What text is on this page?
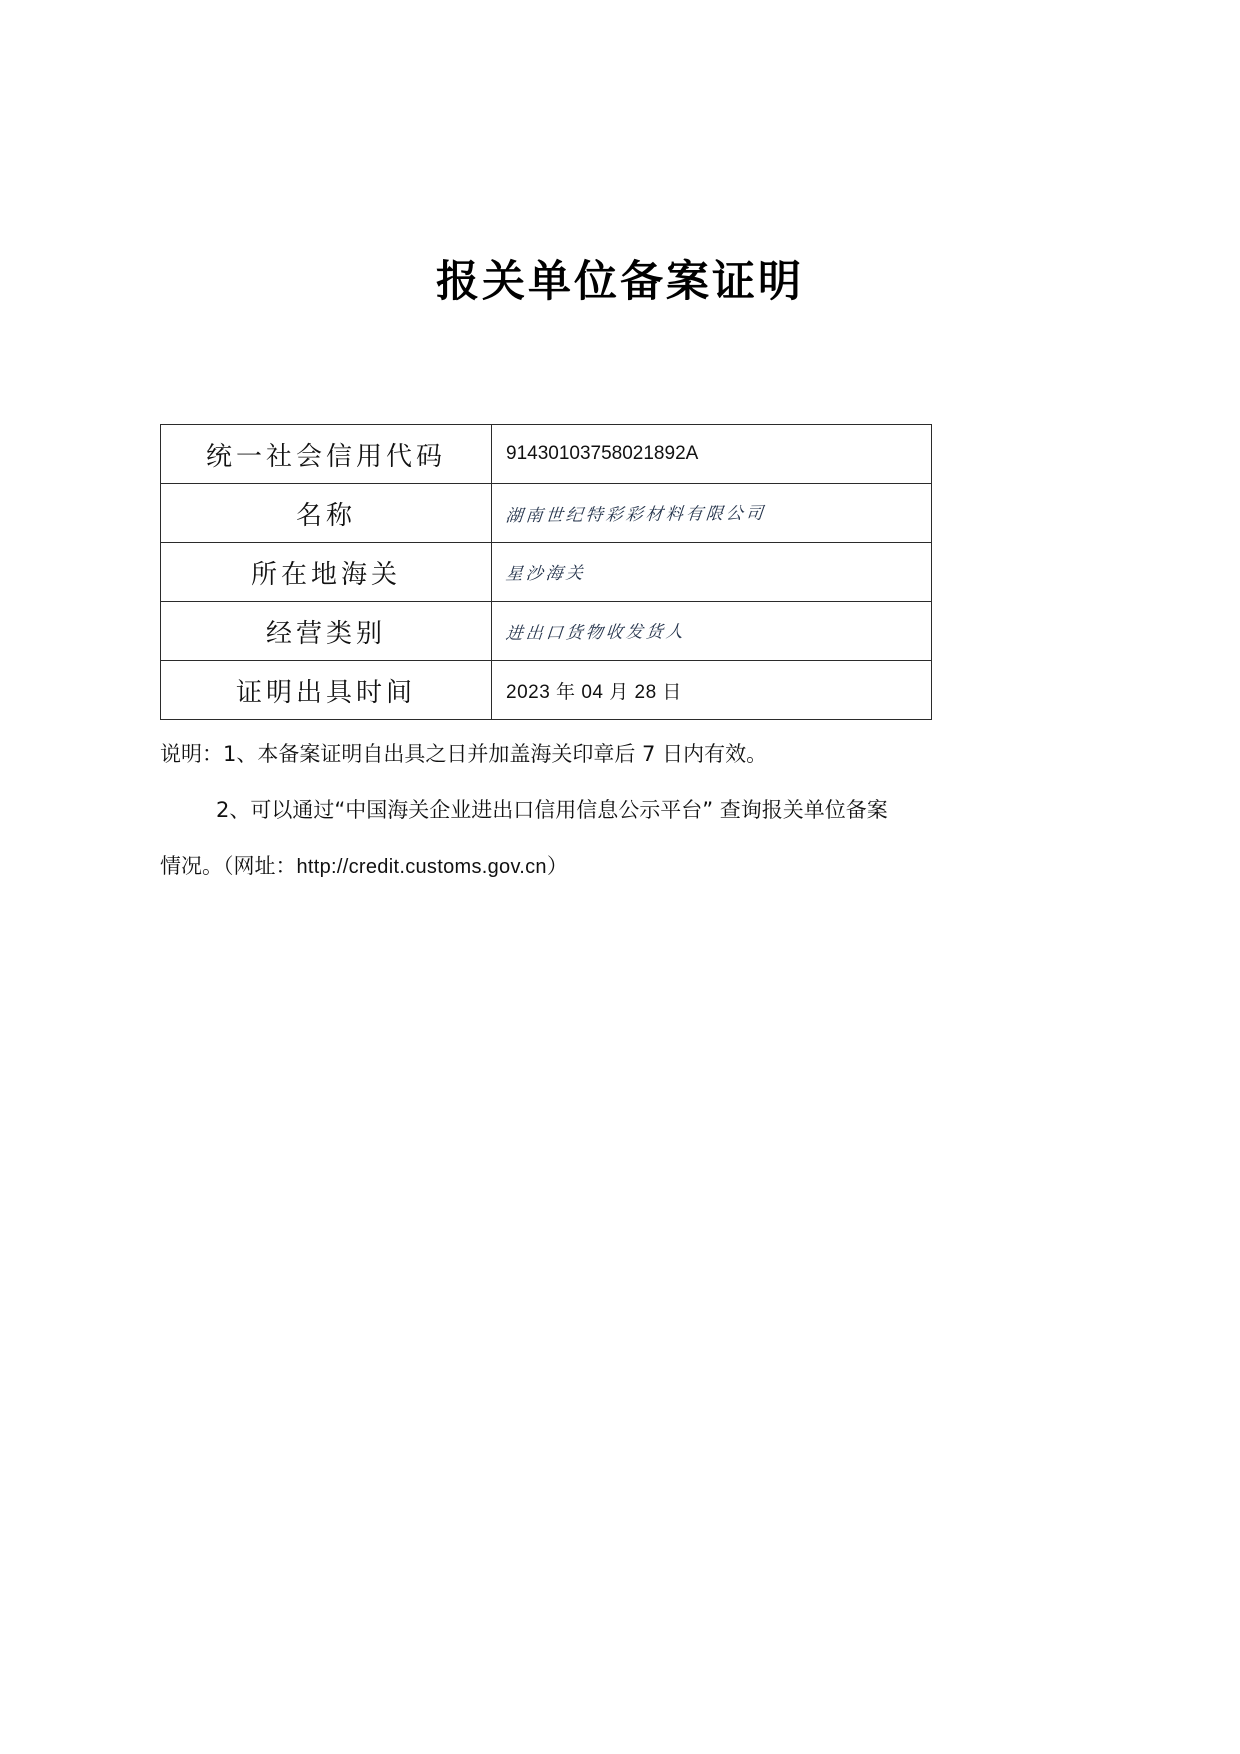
报关单位备案证明
统一社会信用代码	91430103758021892A
名称	湖南世纪特彩彩材料有限公司
所在地海关	星沙海关
经营类别	进出口货物收发货人
证明出具时间	2023 年 04 月 28 日
说明：1、本备案证明自出具之日并加盖海关印章后 7 日内有效。
2、可以通过“中国海关企业进出口信用信息公示平台” 查询报关单位备案
情况。（网址：http://credit.customs.gov.cn）
